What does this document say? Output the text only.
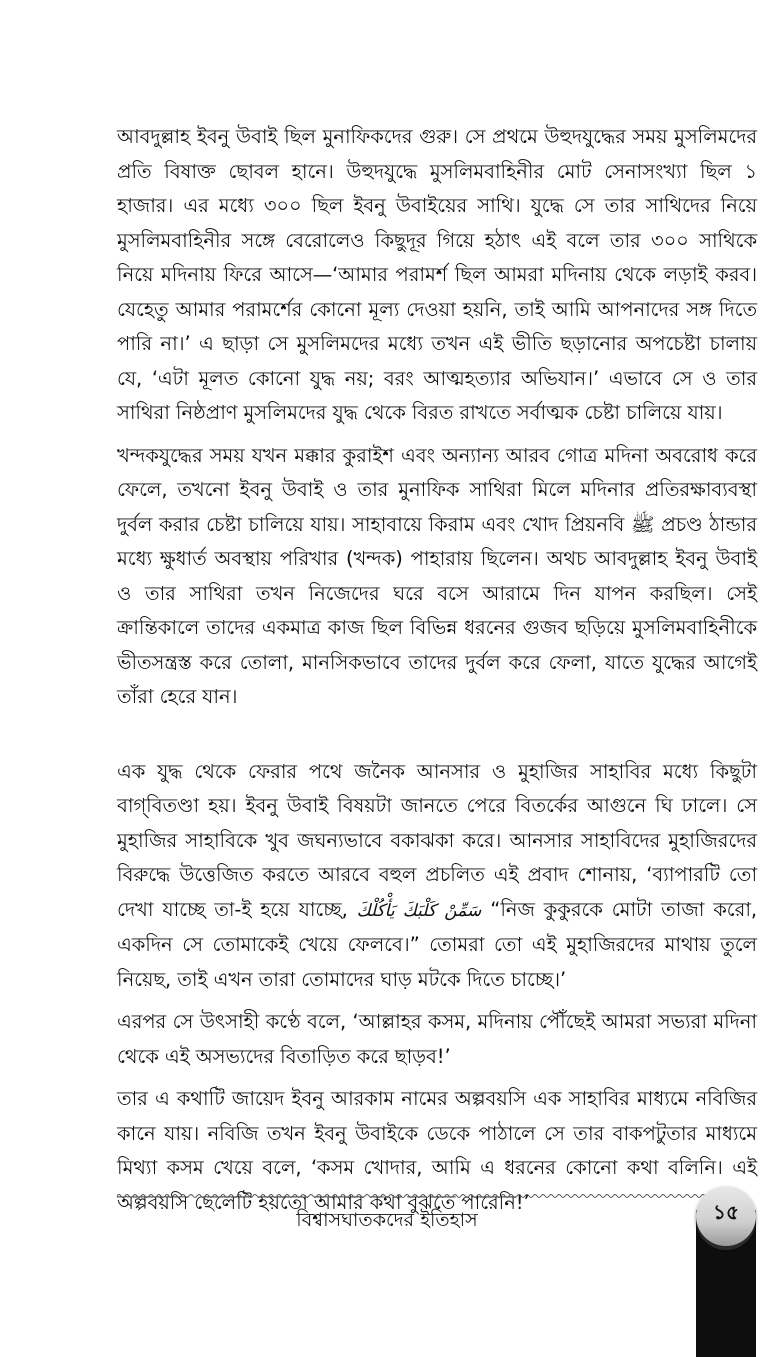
আবদুল্লাহ ইবনু উবাই ছিল মুনাফিকদের গুরু। সে প্রথমে উহুদযুদ্ধের সময় মুসলিমদের প্রতি বিষাক্ত ছোবল হানে। উহুদযুদ্ধে মুসলিমবাহিনীর মোট সেনাসংখ্যা ছিল ১ হাজার। এর মধ্যে ৩০০ ছিল ইবনু উবাইয়ের সাথি। যুদ্ধে সে তার সাথিদের নিয়ে মুসলিমবাহিনীর সঙ্গে বেরোলেও কিছুদূর গিয়ে হঠাৎ এই বলে তার ৩০০ সাথিকে নিয়ে মদিনায় ফিরে আসে—‘আমার পরামর্শ ছিল আমরা মদিনায় থেকে লড়াই করব। যেহেতু আমার পরামর্শের কোনো মূল্য দেওয়া হয়নি, তাই আমি আপনাদের সঙ্গ দিতে পারি না।’ এ ছাড়া সে মুসলিমদের মধ্যে তখন এই ভীতি ছড়ানোর অপচেষ্টা চালায় যে, ‘এটা মূলত কোনো যুদ্ধ নয়; বরং আত্মহত্যার অভিযান।’ এভাবে সে ও তার সাথিরা নিষ্ঠপ্রাণ মুসলিমদের যুদ্ধ থেকে বিরত রাখতে সর্বাত্মক চেষ্টা চালিয়ে যায়।

খন্দকযুদ্ধের সময় যখন মক্কার কুরাইশ এবং অন্যান্য আরব গোত্র মদিনা অবরোধ করে ফেলে, তখনো ইবনু উবাই ও তার মুনাফিক সাথিরা মিলে মদিনার প্রতিরক্ষাব্যবস্থা দুর্বল করার চেষ্টা চালিয়ে যায়। সাহাবায়ে কিরাম এবং খোদ প্রিয়নবি ﷺ প্রচণ্ড ঠান্ডার মধ্যে ক্ষুধার্ত অবস্থায় পরিখার (খন্দক) পাহারায় ছিলেন। অথচ আবদুল্লাহ ইবনু উবাই ও তার সাথিরা তখন নিজেদের ঘরে বসে আরামে দিন যাপন করছিল। সেই ক্রান্তিকালে তাদের একমাত্র কাজ ছিল বিভিন্ন ধরনের গুজব ছড়িয়ে মুসলিমবাহিনীকে ভীতসন্ত্রস্ত করে তোলা, মানসিকভাবে তাদের দুর্বল করে ফেলা, যাতে যুদ্ধের আগেই তাঁরা হেরে যান।

এক যুদ্ধ থেকে ফেরার পথে জনৈক আনসার ও মুহাজির সাহাবির মধ্যে কিছুটা বাগ্‌বিতণ্ডা হয়। ইবনু উবাই বিষয়টা জানতে পেরে বিতর্কের আগুনে ঘি ঢালে। সে মুহাজির সাহাবিকে খুব জঘন্যভাবে বকাঝকা করে। আনসার সাহাবিদের মুহাজিরদের বিরুদ্ধে উত্তেজিত করতে আরবে বহুল প্রচলিত এই প্রবাদ শোনায়, ‘ব্যাপারটি তো দেখা যাচ্ছে তা-ই হয়ে যাচ্ছে, سَمِّنْ كَلْبَكَ يَأْكُلْكَ “নিজ কুকুরকে মোটা তাজা করো, একদিন সে তোমাকেই খেয়ে ফেলবে।” তোমরা তো এই মুহাজিরদের মাথায় তুলে নিয়েছ, তাই এখন তারা তোমাদের ঘাড় মটকে দিতে চাচ্ছে।’

এরপর সে উৎসাহী কণ্ঠে বলে, ‘আল্লাহর কসম, মদিনায় পৌঁছেই আমরা সভ্যরা মদিনা থেকে এই অসভ্যদের বিতাড়িত করে ছাড়ব!’

তার এ কথাটি জায়েদ ইবনু আরকাম নামের অল্পবয়সি এক সাহাবির মাধ্যমে নবিজির কানে যায়। নবিজি তখন ইবনু উবাইকে ডেকে পাঠালে সে তার বাকপটুতার মাধ্যমে মিথ্যা কসম খেয়ে বলে, ‘কসম খোদার, আমি এ ধরনের কোনো কথা বলিনি। এই অল্পবয়সি ছেলেটি হয়তো আমার কথা বুঝতে পারেনি!’

বিশ্বাসঘাতকদের ইতিহাস	১৫
